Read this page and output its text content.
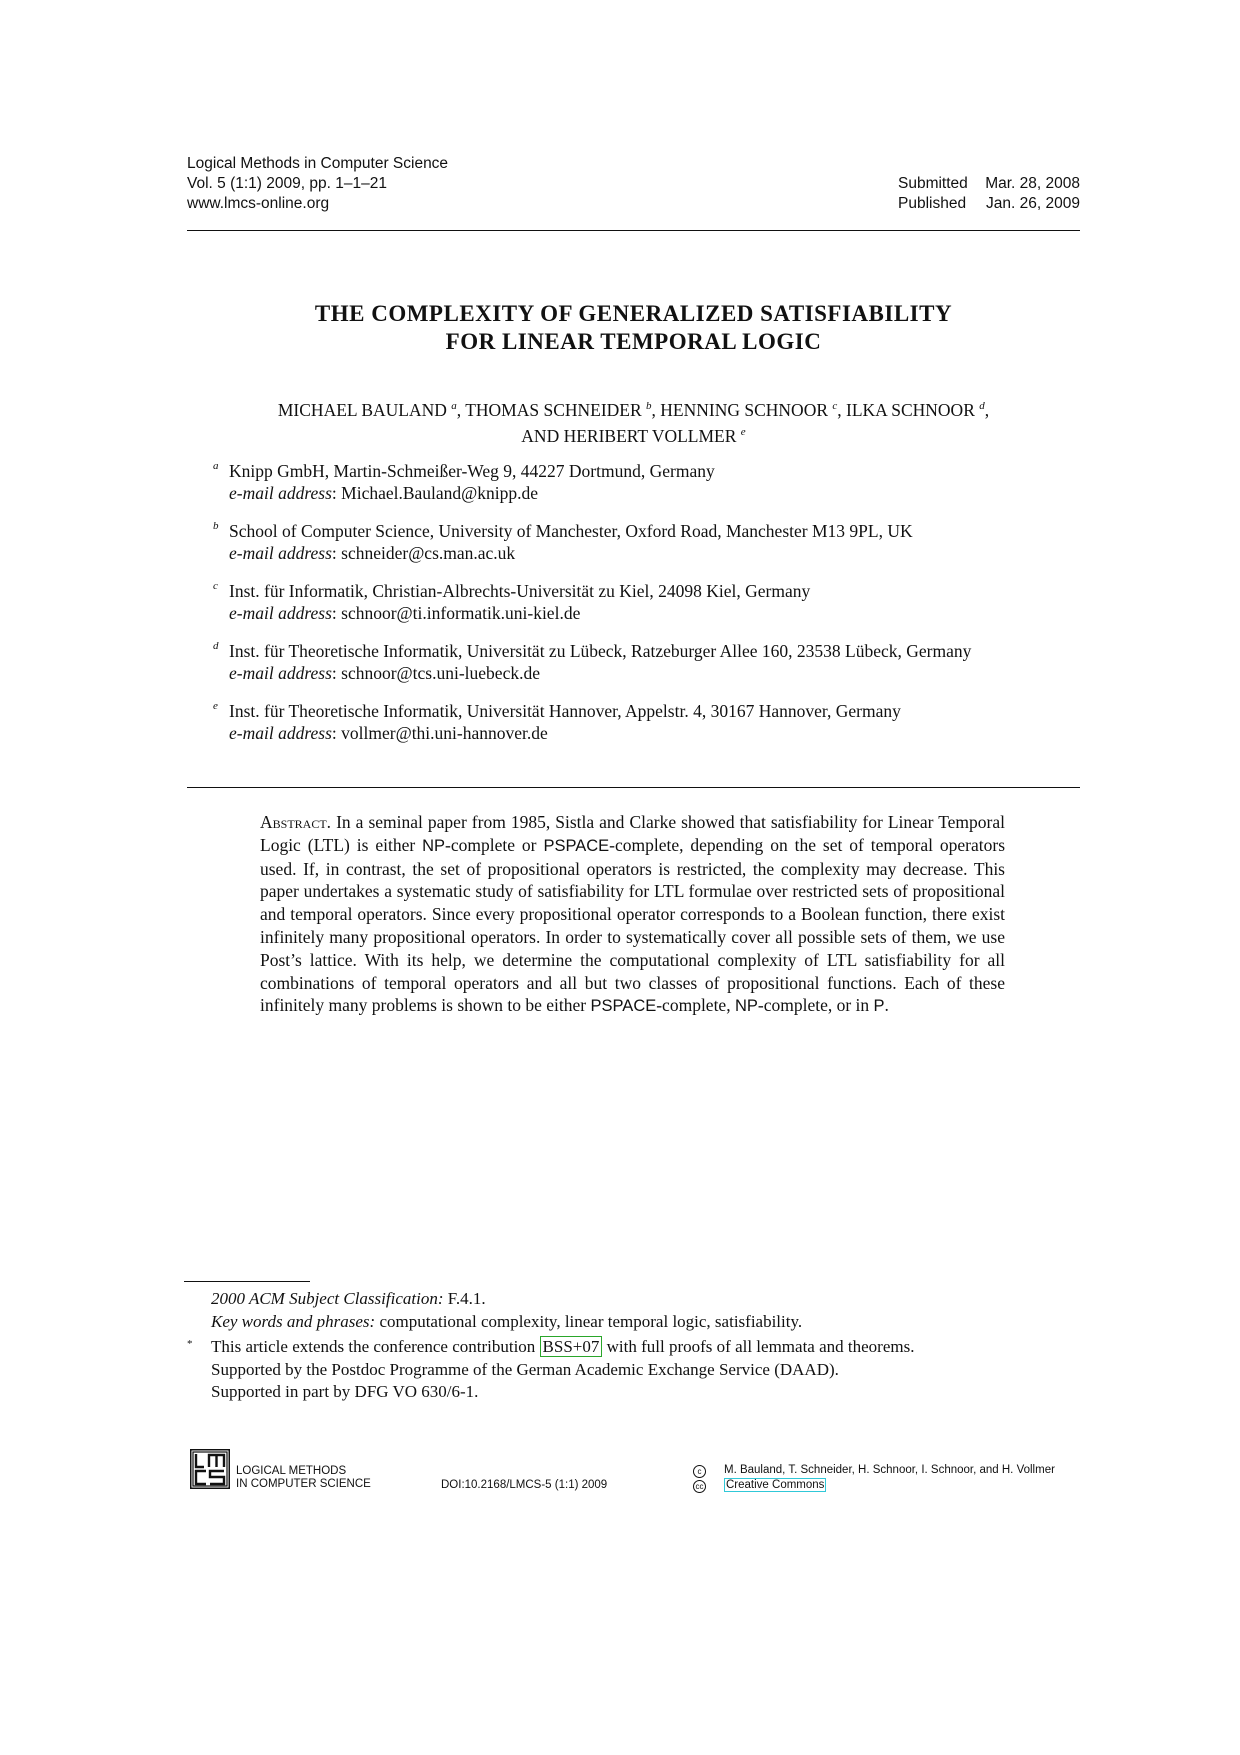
Logical Methods in Computer Science
Vol. 5 (1:1) 2009, pp. 1–1–21
www.lmcs-online.org
Submitted	Mar. 28, 2008
Published	Jan. 26, 2009
THE COMPLEXITY OF GENERALIZED SATISFIABILITY
FOR LINEAR TEMPORAL LOGIC
MICHAEL BAULAND $^a$, THOMAS SCHNEIDER $^b$, HENNING SCHNOOR $^c$, ILKA SCHNOOR $^d$,
AND HERIBERT VOLLMER $^e$
a Knipp GmbH, Martin-Schmeißer-Weg 9, 44227 Dortmund, Germany
e-mail address: Michael.Bauland@knipp.de
b School of Computer Science, University of Manchester, Oxford Road, Manchester M13 9PL, UK
e-mail address: schneider@cs.man.ac.uk
c Inst. für Informatik, Christian-Albrechts-Universität zu Kiel, 24098 Kiel, Germany
e-mail address: schnoor@ti.informatik.uni-kiel.de
d Inst. für Theoretische Informatik, Universität zu Lübeck, Ratzeburger Allee 160, 23538 Lübeck, Germany
e-mail address: schnoor@tcs.uni-luebeck.de
e Inst. für Theoretische Informatik, Universität Hannover, Appelstr. 4, 30167 Hannover, Germany
e-mail address: vollmer@thi.uni-hannover.de
Abstract. In a seminal paper from 1985, Sistla and Clarke showed that satisfiability for Linear Temporal Logic (LTL) is either NP-complete or PSPACE-complete, depending on the set of temporal operators used. If, in contrast, the set of propositional operators is restricted, the complexity may decrease. This paper undertakes a systematic study of satisfiability for LTL formulae over restricted sets of propositional and temporal operators. Since every propositional operator corresponds to a Boolean function, there exist infinitely many propositional operators. In order to systematically cover all possible sets of them, we use Post’s lattice. With its help, we determine the computational complexity of LTL satisfiability for all combinations of temporal operators and all but two classes of propositional functions. Each of these infinitely many problems is shown to be either PSPACE-complete, NP-complete, or in P.
2000 ACM Subject Classification: F.4.1.
Key words and phrases: computational complexity, linear temporal logic, satisfiability.
* This article extends the conference contribution BSS+07 with full proofs of all lemmata and theorems.
Supported by the Postdoc Programme of the German Academic Exchange Service (DAAD).
Supported in part by DFG VO 630/6-1.
LOGICAL METHODS
IN COMPUTER SCIENCE	DOI:10.2168/LMCS-5 (1:1) 2009
c M. Bauland, T. Schneider, H. Schnoor, I. Schnoor, and H. Vollmer
cc Creative Commons
